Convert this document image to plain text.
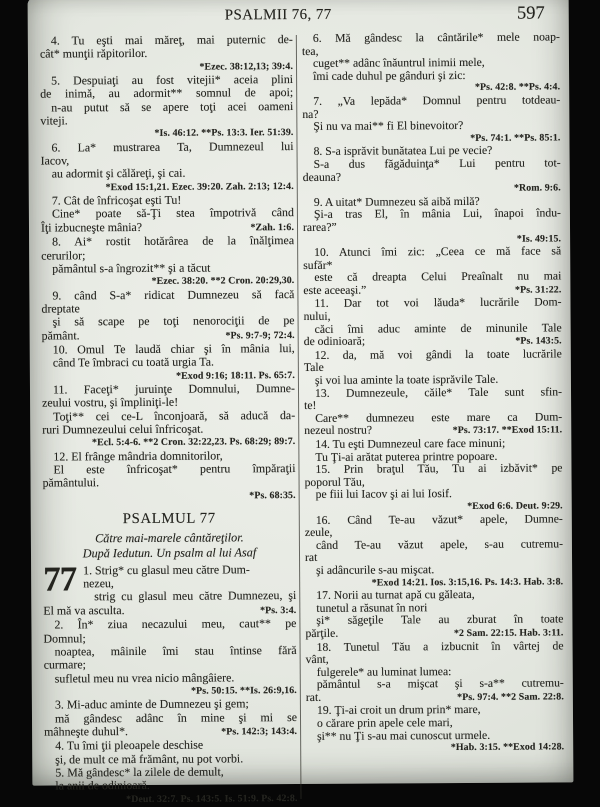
PSALMII 76, 77	597
4. Tu eşti mai măreţ, mai puternic de-
cât* munţii răpitorilor.
*Ezec. 38:12,13; 39:4.
5. Despuiaţi au fost vitejii* aceia plini
de inimă, au adormit** somnul de apoi;
n-au putut să se apere toţi acei oameni
viteji.
*Is. 46:12. **Ps. 13:3. Ier. 51:39.
6. La* mustrarea Ta, Dumnezeul lui
Iacov,
au adormit şi călăreţi, şi cai.
*Exod 15:1,21. Ezec. 39:20. Zah. 2:13; 12:4.
7. Cât de înfricoşat eşti Tu!
Cine* poate să-Ţi stea împotrivă când
Îţi izbucneşte mânia?	*Zah. 1:6.
8. Ai* rostit hotărârea de la înălţimea
cerurilor;
pământul s-a îngrozit** şi a tăcut
*Ezec. 38:20. **2 Cron. 20:29,30.
9. când S-a* ridicat Dumnezeu să facă
dreptate
şi să scape pe toţi nenorociţii de pe
pământ.	*Ps. 9:7-9; 72:4.
10. Omul Te laudă chiar şi în mânia lui,
când Te îmbraci cu toată urgia Ta.
*Exod 9:16; 18:11. Ps. 65:7.
11. Faceţi* juruinţe Domnului, Dumne-
zeului vostru, şi împliniţi-le!
Toţi** cei ce-L înconjoară, să aducă da-
ruri Dumnezeului celui înfricoşat.
*Ecl. 5:4-6. **2 Cron. 32:22,23. Ps. 68:29; 89:7.
12. El frânge mândria domnitorilor,
El este înfricoşat* pentru împăraţii
pământului.
*Ps. 68:35.
PSALMUL 77
Către mai-marele cântăreţilor.
După Iedutun. Un psalm al lui Asaf
77 1. Strig* cu glasul meu către Dum-
nezeu,
strig cu glasul meu către Dumnezeu, şi
El mă va asculta.	*Ps. 3:4.
2. În* ziua necazului meu, caut** pe
Domnul;
noaptea, mâinile îmi stau întinse fără
curmare;
sufletul meu nu vrea nicio mângâiere.
*Ps. 50:15. **Is. 26:9,16.
3. Mi-aduc aminte de Dumnezeu şi gem;
mă gândesc adânc în mine şi mi se
mâhneşte duhul*.	*Ps. 142:3; 143:4.
4. Tu îmi ţii pleoapele deschise
şi, de mult ce mă frământ, nu pot vorbi.
5. Mă gândesc* la zilele de demult,
la anii de odinioară.
*Deut. 32:7. Ps. 143:5. Is. 51:9. Ps. 42:8.
6. Mă gândesc la cântările* mele noap-
tea,
cuget** adânc înăuntrul inimii mele,
îmi cade duhul pe gânduri şi zic:
*Ps. 42:8. **Ps. 4:4.
7. „Va lepăda* Domnul pentru totdeau-
na?
Şi nu va mai** fi El binevoitor?
*Ps. 74:1. **Ps. 85:1.
8. S-a isprăvit bunătatea Lui pe vecie?
S-a dus făgăduinţa* Lui pentru tot-
deauna?
*Rom. 9:6.
9. A uitat* Dumnezeu să aibă milă?
Şi-a tras El, în mânia Lui, înapoi îndu-
rarea?”
*Is. 49:15.
10. Atunci îmi zic: „Ceea ce mă face să
sufăr*
este că dreapta Celui Preaînalt nu mai
este aceeaşi.”	*Ps. 31:22.
11. Dar tot voi lăuda* lucrările Dom-
nului,
căci îmi aduc aminte de minunile Tale
de odinioară;	*Ps. 143:5.
12. da, mă voi gândi la toate lucrările
Tale
şi voi lua aminte la toate isprăvile Tale.
13. Dumnezeule, căile* Tale sunt sfin-
te!
Care** dumnezeu este mare ca Dum-
nezeul nostru?	*Ps. 73:17. **Exod 15:11.
14. Tu eşti Dumnezeul care face minuni;
Tu Ţi-ai arătat puterea printre popoare.
15. Prin braţul Tău, Tu ai izbăvit* pe
poporul Tău,
pe fiii lui Iacov şi ai lui Iosif.
*Exod 6:6. Deut. 9:29.
16. Când Te-au văzut* apele, Dumne-
zeule,
când Te-au văzut apele, s-au cutremu-
rat
şi adâncurile s-au mişcat.
*Exod 14:21. Ios. 3:15,16. Ps. 14:3. Hab. 3:8.
17. Norii au turnat apă cu găleata,
tunetul a răsunat în nori
şi* săgeţile Tale au zburat în toate
părţile.	*2 Sam. 22:15. Hab. 3:11.
18. Tunetul Tău a izbucnit în vârtej de
vânt,
fulgerele* au luminat lumea:
pământul s-a mişcat şi s-a** cutremu-
rat.	*Ps. 97:4. **2 Sam. 22:8.
19. Ţi-ai croit un drum prin* mare,
o cărare prin apele cele mari,
şi** nu Ţi s-au mai cunoscut urmele.
*Hab. 3:15. **Exod 14:28.
